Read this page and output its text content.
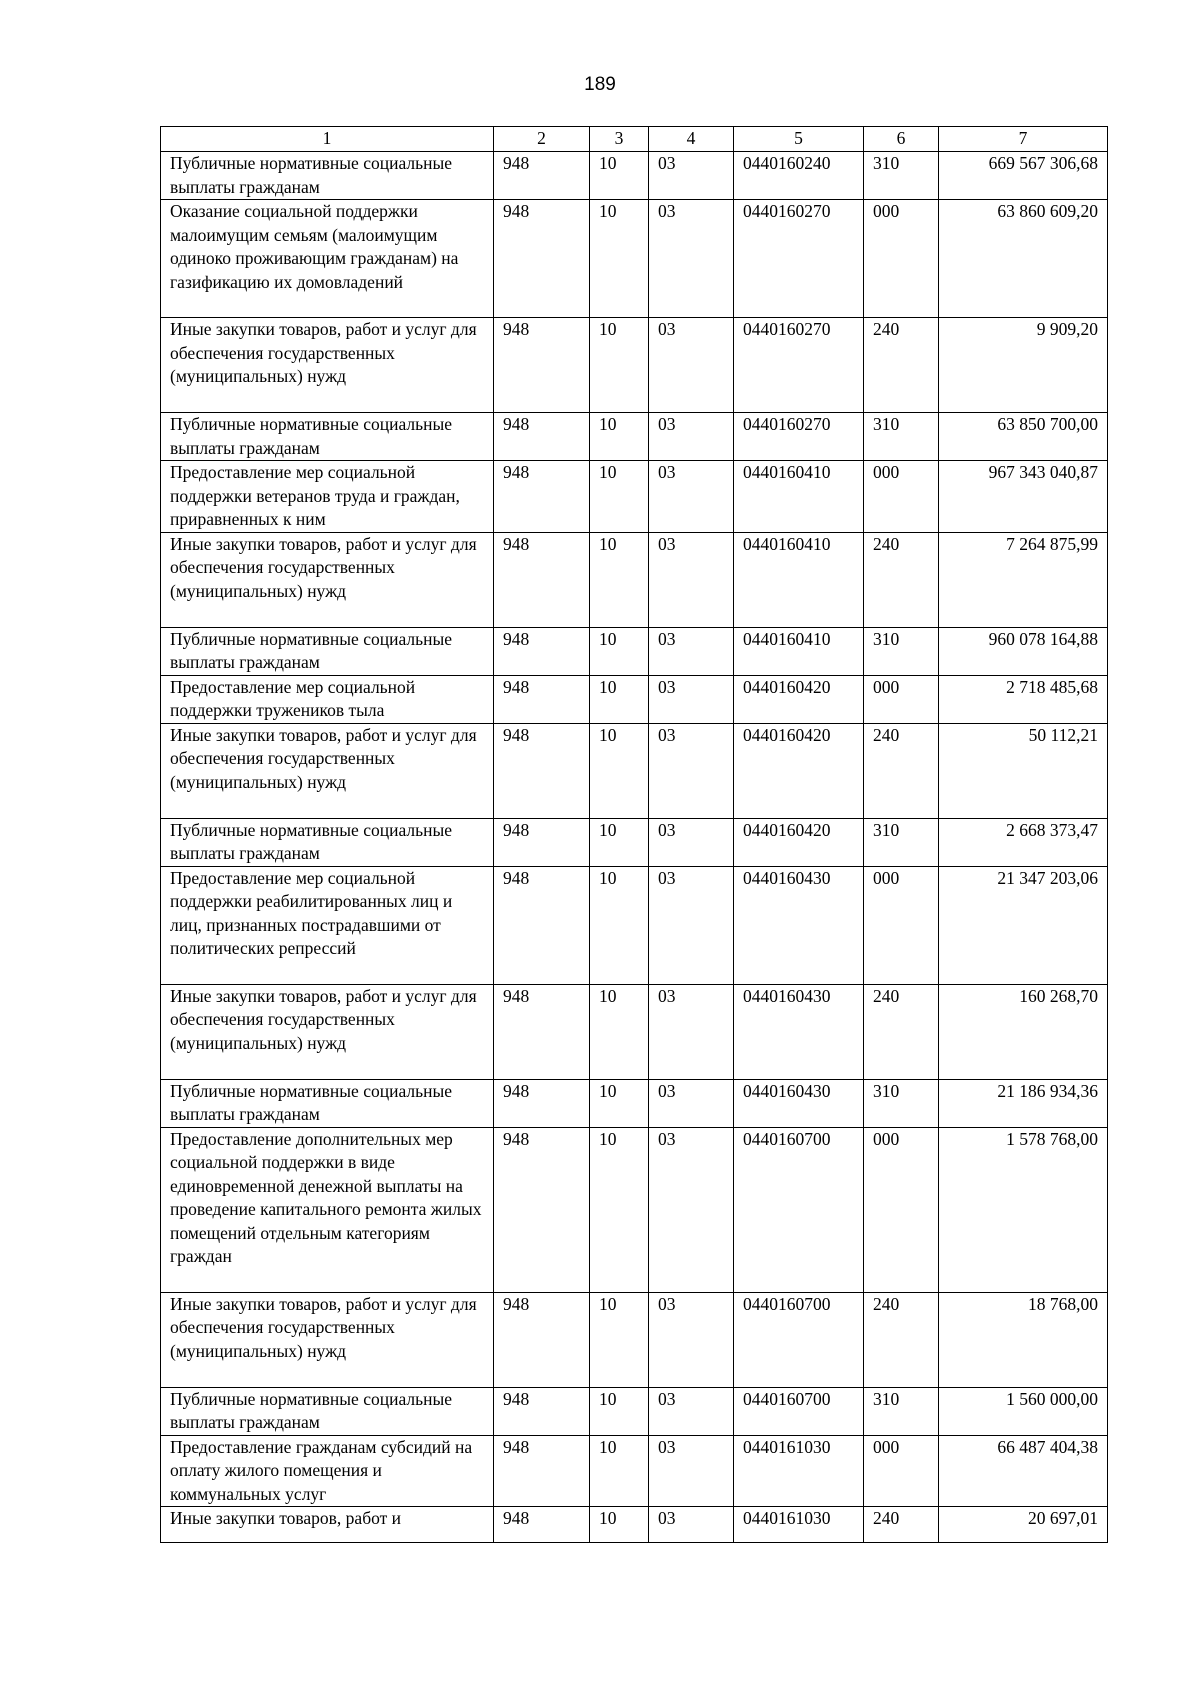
189
1	2	3	4	5	6	7
Публичные нормативные социальные выплаты гражданам	948	10	03	0440160240	310	669 567 306,68
Оказание социальной поддержки малоимущим семьям (малоимущим одиноко проживающим гражданам) на газификацию их домовладений	948	10	03	0440160270	000	63 860 609,20
Иные закупки товаров, работ и услуг для обеспечения государственных (муниципальных) нужд	948	10	03	0440160270	240	9 909,20
Публичные нормативные социальные выплаты гражданам	948	10	03	0440160270	310	63 850 700,00
Предоставление мер социальной поддержки ветеранов труда и граждан, приравненных к ним	948	10	03	0440160410	000	967 343 040,87
Иные закупки товаров, работ и услуг для обеспечения государственных (муниципальных) нужд	948	10	03	0440160410	240	7 264 875,99
Публичные нормативные социальные выплаты гражданам	948	10	03	0440160410	310	960 078 164,88
Предоставление мер социальной поддержки тружеников тыла	948	10	03	0440160420	000	2 718 485,68
Иные закупки товаров, работ и услуг для обеспечения государственных (муниципальных) нужд	948	10	03	0440160420	240	50 112,21
Публичные нормативные социальные выплаты гражданам	948	10	03	0440160420	310	2 668 373,47
Предоставление мер социальной поддержки реабилитированных лиц и лиц, признанных пострадавшими от политических репрессий	948	10	03	0440160430	000	21 347 203,06
Иные закупки товаров, работ и услуг для обеспечения государственных (муниципальных) нужд	948	10	03	0440160430	240	160 268,70
Публичные нормативные социальные выплаты гражданам	948	10	03	0440160430	310	21 186 934,36
Предоставление дополнительных мер социальной поддержки в виде единовременной денежной выплаты на проведение капитального ремонта жилых помещений отдельным категориям граждан	948	10	03	0440160700	000	1 578 768,00
Иные закупки товаров, работ и услуг для обеспечения государственных (муниципальных) нужд	948	10	03	0440160700	240	18 768,00
Публичные нормативные социальные выплаты гражданам	948	10	03	0440160700	310	1 560 000,00
Предоставление гражданам субсидий на оплату жилого помещения и коммунальных услуг	948	10	03	0440161030	000	66 487 404,38
Иные закупки товаров, работ и	948	10	03	0440161030	240	20 697,01
